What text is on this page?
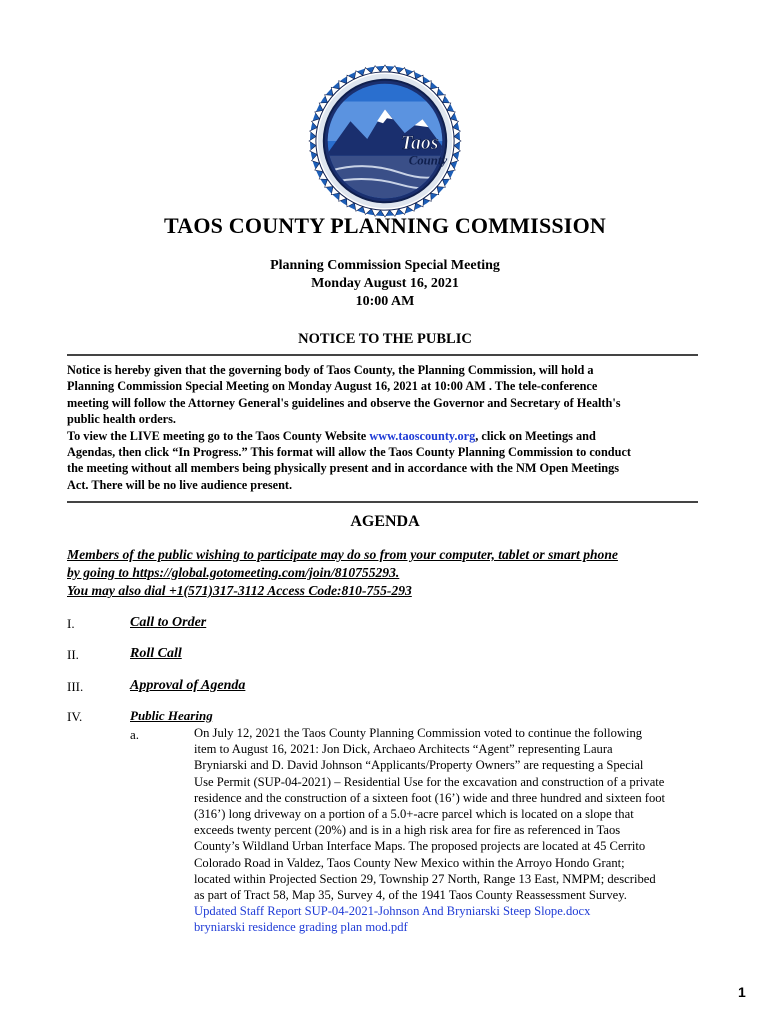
Taos
County
TAOS COUNTY PLANNING COMMISSION
Planning Commission Special Meeting
Monday August 16, 2021
10:00 AM
NOTICE TO THE PUBLIC
Notice is hereby given that the governing body of Taos County, the Planning Commission, will hold a
Planning Commission Special Meeting on Monday August 16, 2021 at 10:00 AM . The tele-conference
meeting will follow the Attorney General's guidelines and observe the Governor and Secretary of Health's
public health orders.
To view the LIVE meeting go to the Taos County Website www.taoscounty.org, click on Meetings and
Agendas, then click “In Progress.” This format will allow the Taos County Planning Commission to conduct
the meeting without all members being physically present and in accordance with the NM Open Meetings
Act. There will be no live audience present.
AGENDA
Members of the public wishing to participate may do so from your computer, tablet or smart phone
by going to https://global.gotomeeting.com/join/810755293.
You may also dial +1(571)317-3112 Access Code:810-755-293
I.	Call to Order
II.	Roll Call
III.	Approval of Agenda
IV.	Public Hearing
a.	On July 12, 2021 the Taos County Planning Commission voted to continue the following
item to August 16, 2021: Jon Dick, Archaeo Architects “Agent” representing Laura
Bryniarski and D. David Johnson “Applicants/Property Owners” are requesting a Special
Use Permit (SUP-04-2021) – Residential Use for the excavation and construction of a private
residence and the construction of a sixteen foot (16’) wide and three hundred and sixteen foot
(316’) long driveway on a portion of a 5.0+-acre parcel which is located on a slope that
exceeds twenty percent (20%) and is in a high risk area for fire as referenced in Taos
County’s Wildland Urban Interface Maps. The proposed projects are located at 45 Cerrito
Colorado Road in Valdez, Taos County New Mexico within the Arroyo Hondo Grant;
located within Projected Section 29, Township 27 North, Range 13 East, NMPM; described
as part of Tract 58, Map 35, Survey 4, of the 1941 Taos County Reassessment Survey.
Updated Staff Report SUP-04-2021-Johnson And Bryniarski Steep Slope.docx
bryniarski residence grading plan mod.pdf
1
